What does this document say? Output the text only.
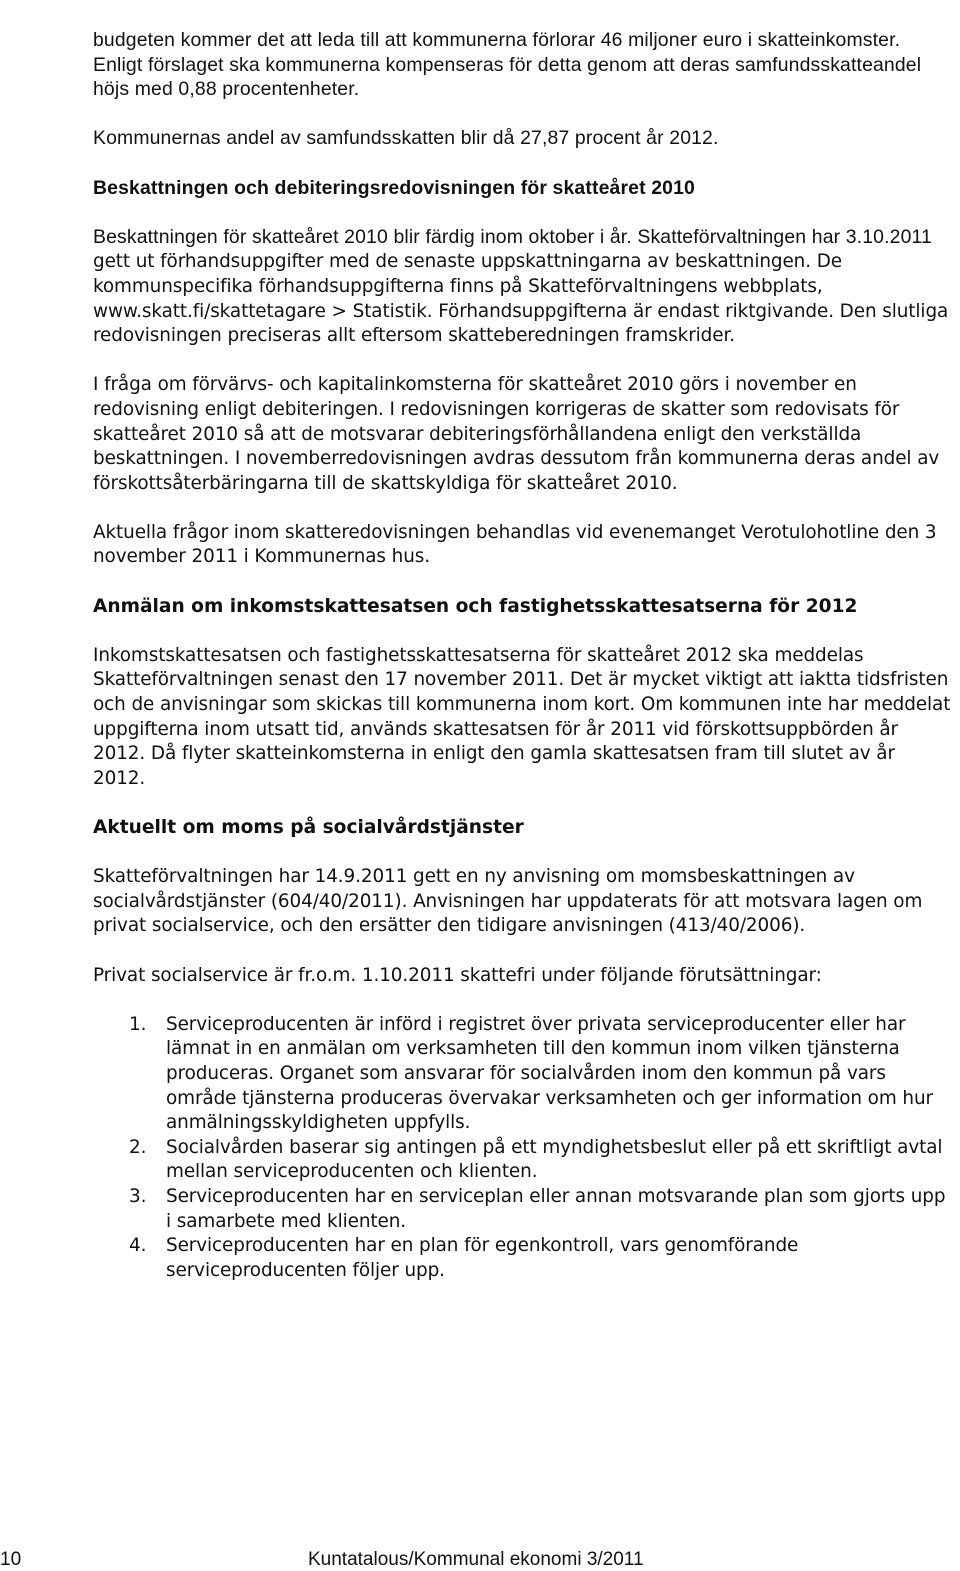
budgeten kommer det att leda till att kommunerna förlorar 46 miljoner euro i skatteinkomster. Enligt förslaget ska kommunerna kompenseras för detta genom att deras samfundsskatteandel höjs med 0,88 procentenheter.

Kommunernas andel av samfundsskatten blir då 27,87 procent år 2012.

Beskattningen och debiteringsredovisningen för skatteåret 2010

Beskattningen för skatteåret 2010 blir färdig inom oktober i år. Skatteförvaltningen har 3.10.2011 gett ut förhandsuppgifter med de senaste uppskattningarna av beskattningen. De kommunspecifika förhandsuppgifterna finns på Skatteförvaltningens webbplats, www.skatt.fi/skattetagare > Statistik. Förhandsuppgifterna är endast riktgivande. Den slutliga redovisningen preciseras allt eftersom skatteberedningen framskrider.

I fråga om förvärvs- och kapitalinkomsterna för skatteåret 2010 görs i november en redovisning enligt debiteringen. I redovisningen korrigeras de skatter som redovisats för skatteåret 2010 så att de motsvarar debiteringsförhållandena enligt den verkställda beskattningen. I novemberredovisningen avdras dessutom från kommunerna deras andel av förskottsåterbäringarna till de skattskyldiga för skatteåret 2010.

Aktuella frågor inom skatteredovisningen behandlas vid evenemanget Verotulohotline den 3 november 2011 i Kommunernas hus.

Anmälan om inkomstskattesatsen och fastighetsskattesatserna för 2012

Inkomstskattesatsen och fastighetsskattesatserna för skatteåret 2012 ska meddelas Skatteförvaltningen senast den 17 november 2011. Det är mycket viktigt att iaktta tidsfristen och de anvisningar som skickas till kommunerna inom kort. Om kommunen inte har meddelat uppgifterna inom utsatt tid, används skattesatsen för år 2011 vid förskottsuppbörden år 2012. Då flyter skatteinkomsterna in enligt den gamla skattesatsen fram till slutet av år 2012.

Aktuellt om moms på socialvårdstjänster

Skatteförvaltningen har 14.9.2011 gett en ny anvisning om momsbeskattningen av socialvårdstjänster (604/40/2011). Anvisningen har uppdaterats för att motsvara lagen om privat socialservice, och den ersätter den tidigare anvisningen (413/40/2006).

Privat socialservice är fr.o.m. 1.10.2011 skattefri under följande förutsättningar:

1. Serviceproducenten är införd i registret över privata serviceproducenter eller har lämnat in en anmälan om verksamheten till den kommun inom vilken tjänsterna produceras. Organet som ansvarar för socialvården inom den kommun på vars område tjänsterna produceras övervakar verksamheten och ger information om hur anmälningsskyldigheten uppfylls.
2. Socialvården baserar sig antingen på ett myndighetsbeslut eller på ett skriftligt avtal mellan serviceproducenten och klienten.
3. Serviceproducenten har en serviceplan eller annan motsvarande plan som gjorts upp i samarbete med klienten.
4. Serviceproducenten har en plan för egenkontroll, vars genomförande serviceproducenten följer upp.
10	Kuntatalous/Kommunal ekonomi 3/2011
